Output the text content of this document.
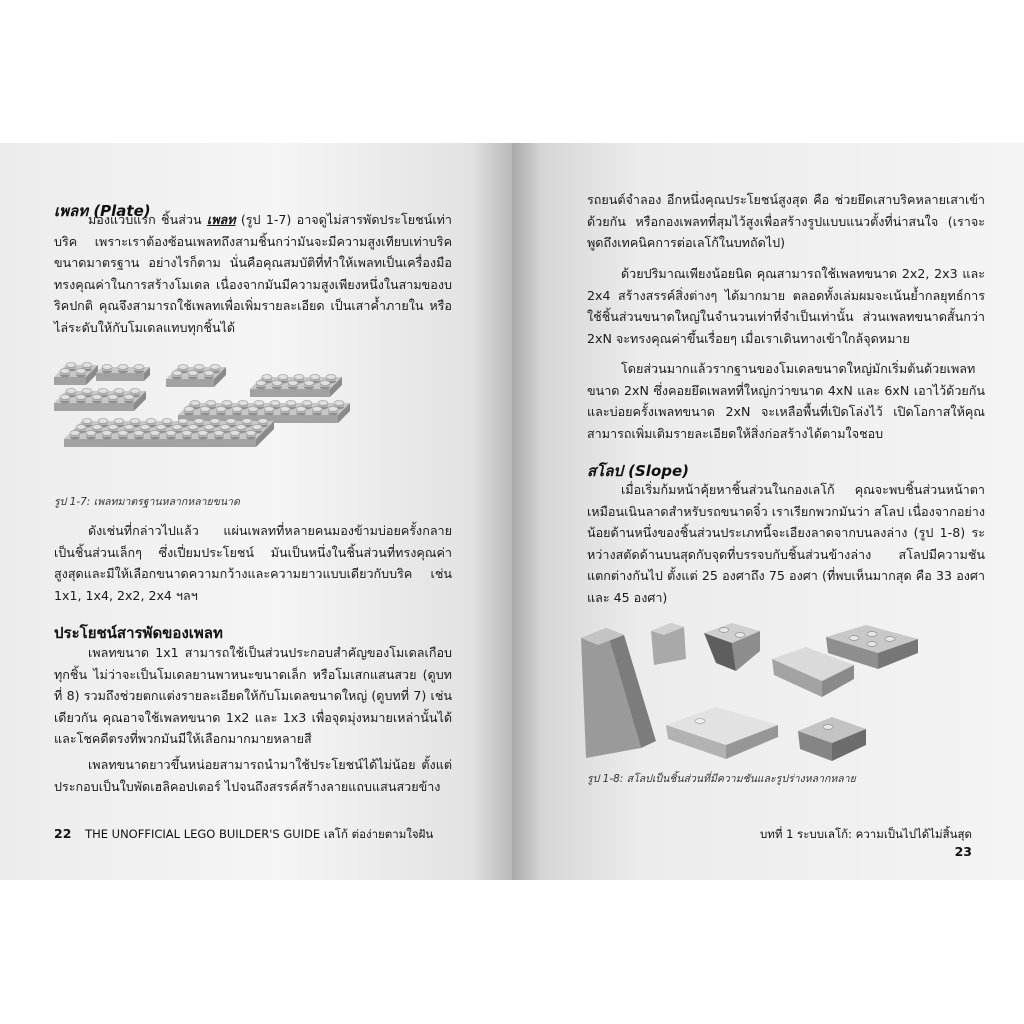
เพลท (Plate)

มองแวบแรก ชิ้นส่วน เพลท (รูป 1-7) อาจดูไม่สารพัดประโยชน์เท่าบริค เพราะเราต้องซ้อนเพลทถึงสามชิ้นกว่ามันจะมีความสูงเทียบเท่าบริคขนาดมาตรฐาน อย่างไรก็ตาม นั่นคือคุณสมบัติที่ทำให้เพลทเป็นเครื่องมือทรงคุณค่าในการสร้างโมเดล เนื่องจากมันมีความสูงเพียงหนึ่งในสามของบริคปกติ คุณจึงสามารถใช้เพลทเพื่อเพิ่มรายละเอียด เป็นเสาค้ำภายใน หรือไล่ระดับให้กับโมเดลแทบทุกชิ้นได้

รูป 1-7: เพลทมาตรฐานหลากหลายขนาด

ดังเช่นที่กล่าวไปแล้ว แผ่นเพลทที่หลายคนมองข้ามบ่อยครั้งกลายเป็นชิ้นส่วนเล็กๆ ซึ่งเปี่ยมประโยชน์ มันเป็นหนึ่งในชิ้นส่วนที่ทรงคุณค่าสูงสุดและมีให้เลือกขนาดความกว้างและความยาวแบบเดียวกับบริค เช่น 1x1, 1x4, 2x2, 2x4 ฯลฯ

ประโยชน์สารพัดของเพลท

เพลทขนาด 1x1 สามารถใช้เป็นส่วนประกอบสำคัญของโมเดลเกือบทุกชิ้น ไม่ว่าจะเป็นโมเดลยานพาหนะขนาดเล็ก หรือโมเสกแสนสวย (ดูบทที่ 8) รวมถึงช่วยตกแต่งรายละเอียดให้กับโมเดลขนาดใหญ่ (ดูบทที่ 7) เช่นเดียวกัน คุณอาจใช้เพลทขนาด 1x2 และ 1x3 เพื่อจุดมุ่งหมายเหล่านั้นได้ และโชคดีตรงที่พวกมันมีให้เลือกมากมายหลายสี

เพลทขนาดยาวขึ้นหน่อยสามารถนำมาใช้ประโยชน์ได้ไม่น้อย ตั้งแต่ประกอบเป็นใบพัดเฮลิคอปเตอร์ ไปจนถึงสรรค์สร้างลายแถบแสนสวยข้าง

22 THE UNOFFICIAL LEGO BUILDER'S GUIDE เลโก้ ต่อง่ายตามใจฝัน

รถยนต์จำลอง อีกหนึ่งคุณประโยชน์สูงสุด คือ ช่วยยึดเสาบริคหลายเสาเข้าด้วยกัน หรือกองเพลทที่สุมไว้สูงเพื่อสร้างรูปแบบแนวตั้งที่น่าสนใจ (เราจะพูดถึงเทคนิคการต่อเลโก้ในบทถัดไป)

ด้วยปริมาณเพียงน้อยนิด คุณสามารถใช้เพลทขนาด 2x2, 2x3 และ 2x4 สร้างสรรค์สิ่งต่างๆ ได้มากมาย ตลอดทั้งเล่มผมจะเน้นย้ำกลยุทธ์การใช้ชิ้นส่วนขนาดใหญ่ในจำนวนเท่าที่จำเป็นเท่านั้น ส่วนเพลทขนาดสั้นกว่า 2xN จะทรงคุณค่าขึ้นเรื่อยๆ เมื่อเราเดินทางเข้าใกล้จุดหมาย

โดยส่วนมากแล้วรากฐานของโมเดลขนาดใหญ่มักเริ่มต้นด้วยเพลทขนาด 2xN ซึ่งคอยยึดเพลทที่ใหญ่กว่าขนาด 4xN และ 6xN เอาไว้ด้วยกัน และบ่อยครั้งเพลทขนาด 2xN จะเหลือพื้นที่เปิดโล่งไว้ เปิดโอกาสให้คุณสามารถเพิ่มเติมรายละเอียดให้สิ่งก่อสร้างได้ตามใจชอบ

สโลป (Slope)

เมื่อเริ่มก้มหน้าคุ้ยหาชิ้นส่วนในกองเลโก้ คุณจะพบชิ้นส่วนหน้าตาเหมือนเนินลาดสำหรับรถขนาดจิ๋ว เราเรียกพวกมันว่า สโลป เนื่องจากอย่างน้อยด้านหนึ่งของชิ้นส่วนประเภทนี้จะเอียงลาดจากบนลงล่าง (รูป 1-8) ระหว่างสตัดด้านบนสุดกับจุดที่บรรจบกับชิ้นส่วนข้างล่าง สโลปมีความชันแตกต่างกันไป ตั้งแต่ 25 องศาถึง 75 องศา (ที่พบเห็นมากสุด คือ 33 องศา และ 45 องศา)

รูป 1-8: สโลปเป็นชิ้นส่วนที่มีความชันและรูปร่างหลากหลาย
บทที่ 1 ระบบเลโก้: ความเป็นไปได้ไม่สิ้นสุด 23
